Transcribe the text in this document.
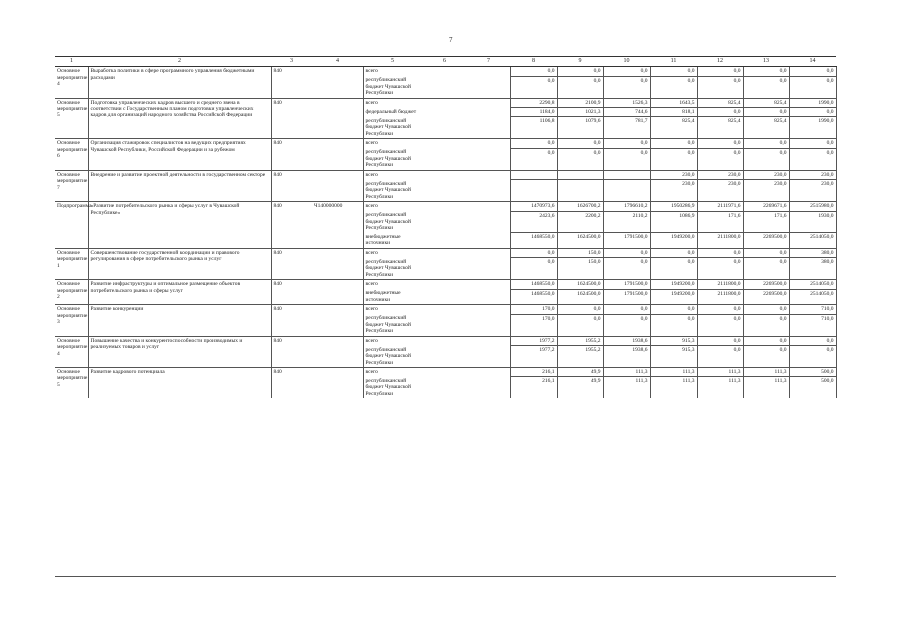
7
1	2	3	4	5	6	7	8	9	10	11	12	13	14
Основное мероприятие 4	Выработка политики в сфере программного управления бюджетными расходами	840		всего			0,0	0,0	0,0	0,0	0,0	0,0	0,0
				республиканский бюджет Чувашской Республики			0,0	0,0	0,0	0,0	0,0	0,0	0,0
Основное мероприятие 5	Подготовка управленческих кадров высшего и среднего звена в соответствии с Государственным планом подготовки управленческих кадров для организаций народного хозяйства Российской Федерации	840		всего			2290,8	2100,9	1526,3	1643,5	825,4	825,4	1990,0
				федеральный бюджет			1184,0	1021,3	744,6	818,1	0,0	0,0	0,0
				республиканский бюджет Чувашской Республики			1106,8	1079,6	781,7	825,4	825,4	825,4	1990,0
Основное мероприятие 6	Организация стажировок специалистов на ведущих предприятиях Чувашской Республики, Российской Федерации и за рубежом	840		всего			0,0	0,0	0,0	0,0	0,0	0,0	0,0
				республиканский бюджет Чувашской Республики			0,0	0,0	0,0	0,0	0,0	0,0	0,0
Основное мероприятие 7	Внедрение и развитие проектной деятельности в государственном секторе	840		всего						230,0	230,0	230,0	230,0
				республиканский бюджет Чувашской Республики						230,0	230,0	230,0	230,0
Подпрограмма	«Развитие потребительского рынка и сферы услуг в Чувашской Республике»	840	Ч140000000	всего			1470973,6	1626700,2	1796610,2	1950286,9	2111971,6	2269671,6	2515980,0
				республиканский бюджет Чувашской Республики			2423,6	2200,2	2110,2	1086,9	171,6	171,6	1930,0
				внебюджетные источники			1468550,0	1624500,0	1791500,0	1949200,0	2111800,0	2269500,0	2514050,0
Основное мероприятие 1	Совершенствование государственной координации и правового регулирования в сфере потребительского рынка и услуг	840		всего			0,0	150,0	0,0	0,0	0,0	0,0	380,0
				республиканский бюджет Чувашской Республики			0,0	150,0	0,0	0,0	0,0	0,0	380,0
Основное мероприятие 2	Развитие инфраструктуры и оптимальное размещение объектов потребительского рынка и сферы услуг	840		всего			1468550,0	1624500,0	1791500,0	1949200,0	2111800,0	2269500,0	2514050,0
				внебюджетные источники			1468550,0	1624500,0	1791500,0	1949200,0	2111800,0	2269500,0	2514050,0
Основное мероприятие 3	Развитие конкуренции	840		всего			170,0	0,0	0,0	0,0	0,0	0,0	710,0
				республиканский бюджет Чувашской Республики			170,0	0,0	0,0	0,0	0,0	0,0	710,0
Основное мероприятие 4	Повышение качества и конкурентоспособности производимых и реализуемых товаров и услуг	840		всего			1977,2	1955,2	1938,6	915,3	0,0	0,0	0,0
				республиканский бюджет Чувашской Республики			1977,2	1955,2	1938,6	915,3	0,0	0,0	0,0
Основное мероприятие 5	Развитие кадрового потенциала	840		всего			216,1	49,9	111,3	111,3	111,3	111,3	500,0
				республиканский бюджет Чувашской Республики			216,1	49,9	111,3	111,3	111,3	111,3	500,0
